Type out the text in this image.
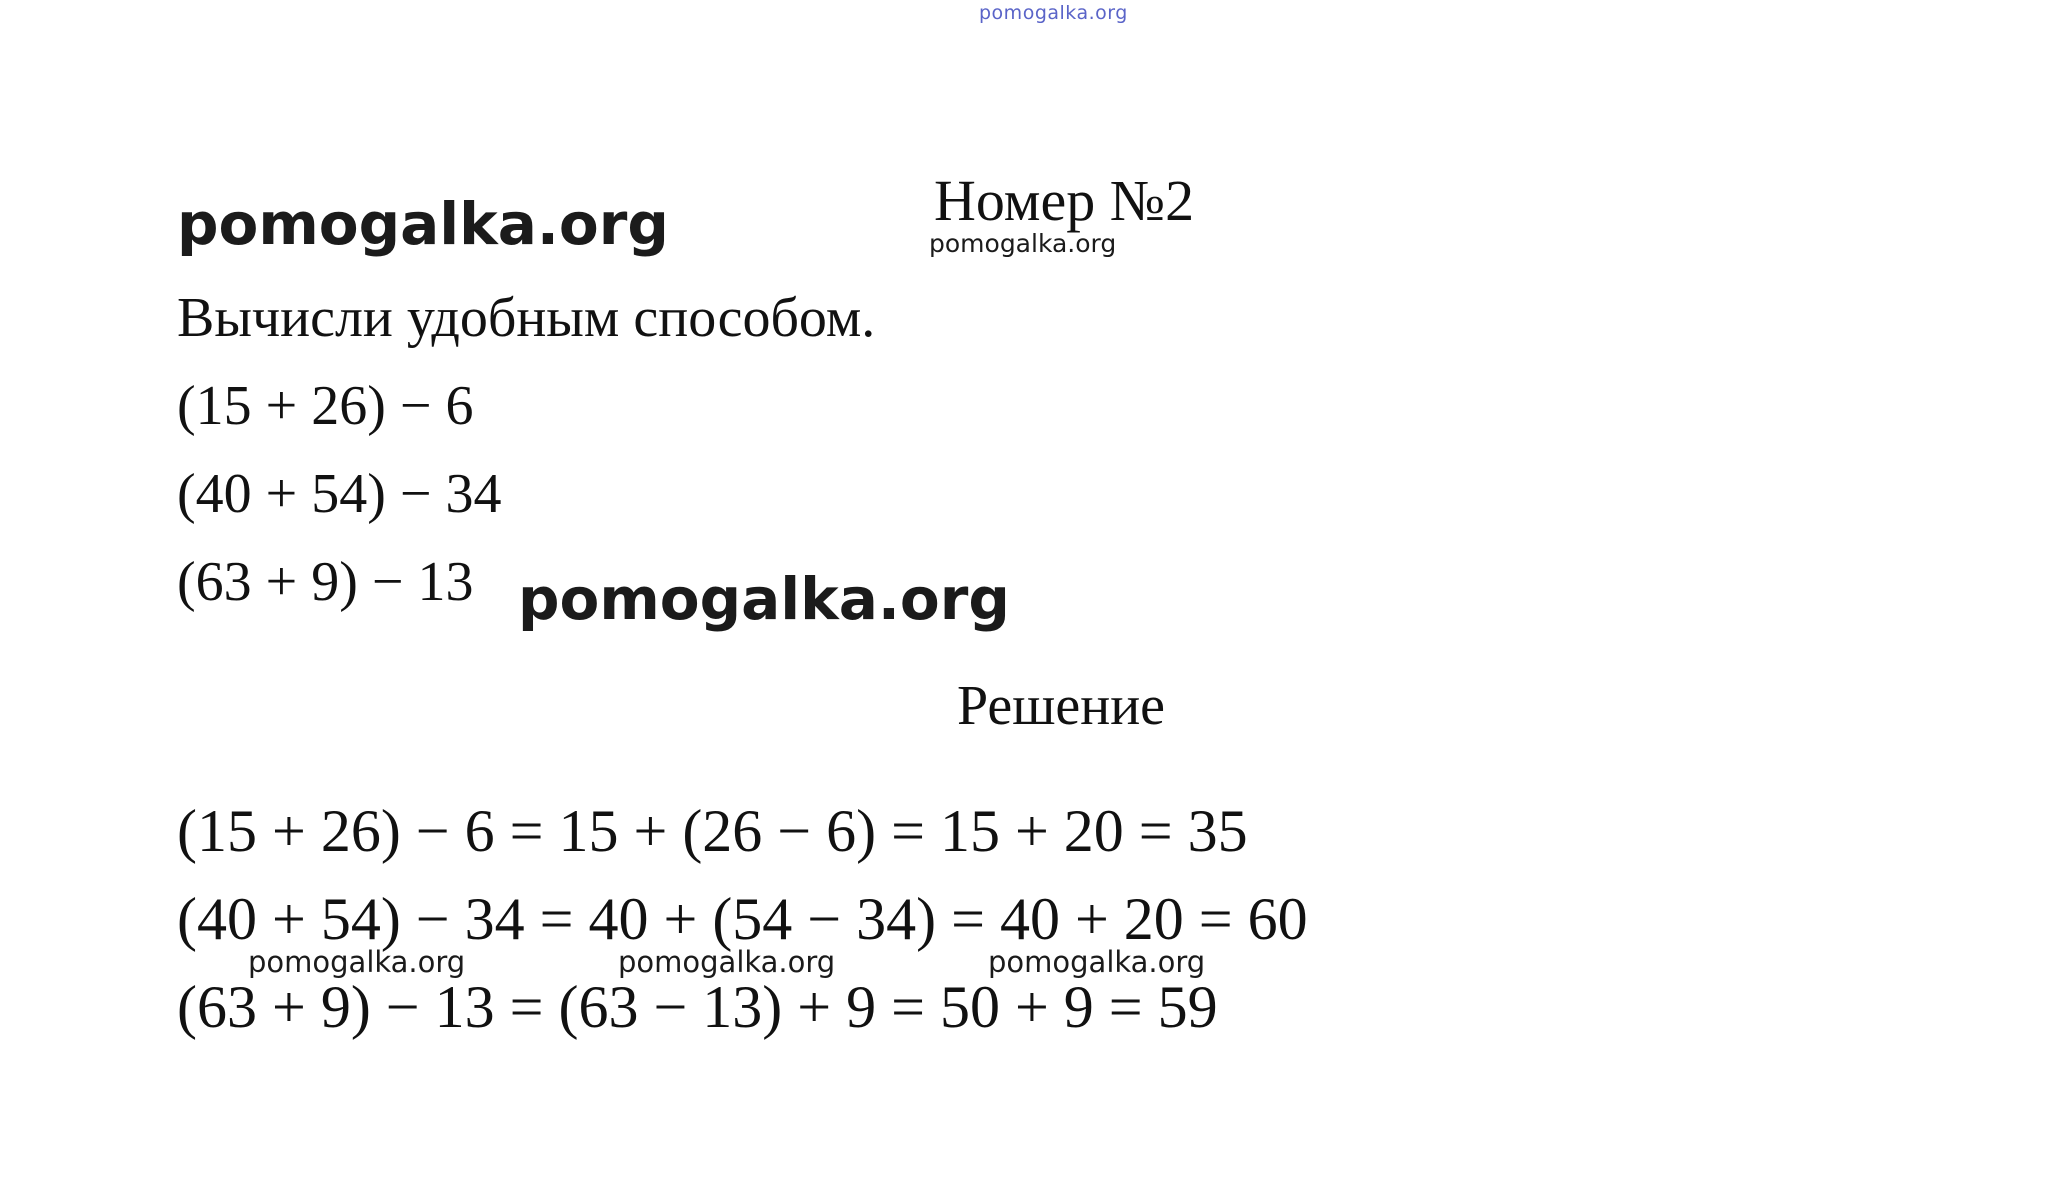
pomogalka.org
pomogalka.org	pomogalka.org
pomogalka.org
Номер №2
Вычисли удобным способом.
(15 + 26) − 6
(40 + 54) − 34
(63 + 9) − 13
Решение
(15 + 26) − 6 = 15 + (26 − 6) = 15 + 20 = 35
(40 + 54) − 34 = 40 + (54 − 34) = 40 + 20 = 60
(63 + 9) − 13 = (63 − 13) + 9 = 50 + 9 = 59
pomogalka.org	pomogalka.org	pomogalka.org
